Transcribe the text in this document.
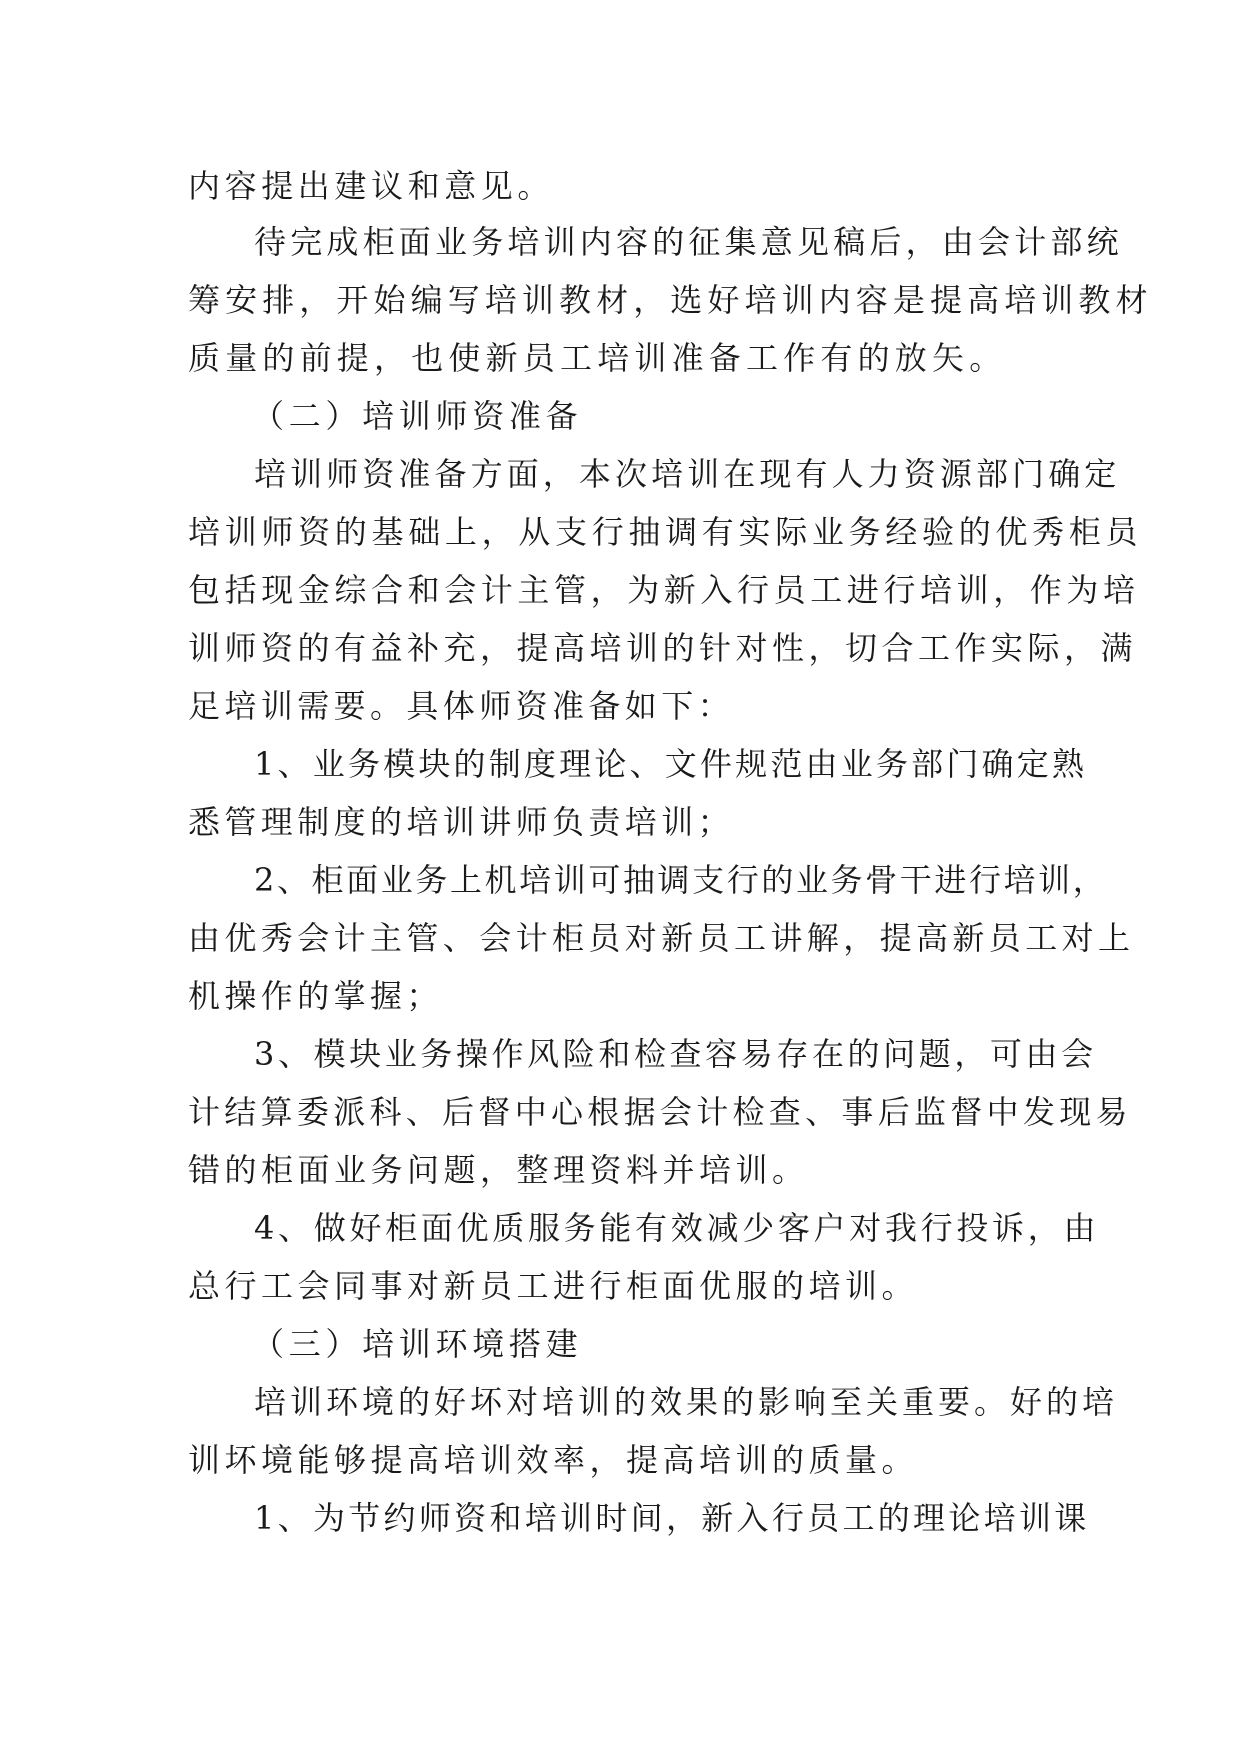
内容提出建议和意见。

待完成柜面业务培训内容的征集意见稿后，由会计部统

筹安排，开始编写培训教材，选好培训内容是提高培训教材

质量的前提，也使新员工培训准备工作有的放矢。

（二）培训师资准备

培训师资准备方面，本次培训在现有人力资源部门确定

培训师资的基础上，从支行抽调有实际业务经验的优秀柜员

包括现金综合和会计主管，为新入行员工进行培训，作为培

训师资的有益补充，提高培训的针对性，切合工作实际，满

足培训需要。具体师资准备如下：

1、业务模块的制度理论、文件规范由业务部门确定熟

悉管理制度的培训讲师负责培训；

2、柜面业务上机培训可抽调支行的业务骨干进行培训，

由优秀会计主管、会计柜员对新员工讲解，提高新员工对上

机操作的掌握；

3、模块业务操作风险和检查容易存在的问题，可由会

计结算委派科、后督中心根据会计检查、事后监督中发现易

错的柜面业务问题，整理资料并培训。

4、做好柜面优质服务能有效减少客户对我行投诉，由

总行工会同事对新员工进行柜面优服的培训。

（三）培训环境搭建

培训环境的好坏对培训的效果的影响至关重要。好的培

训坏境能够提高培训效率，提高培训的质量。

1、为节约师资和培训时间，新入行员工的理论培训课
